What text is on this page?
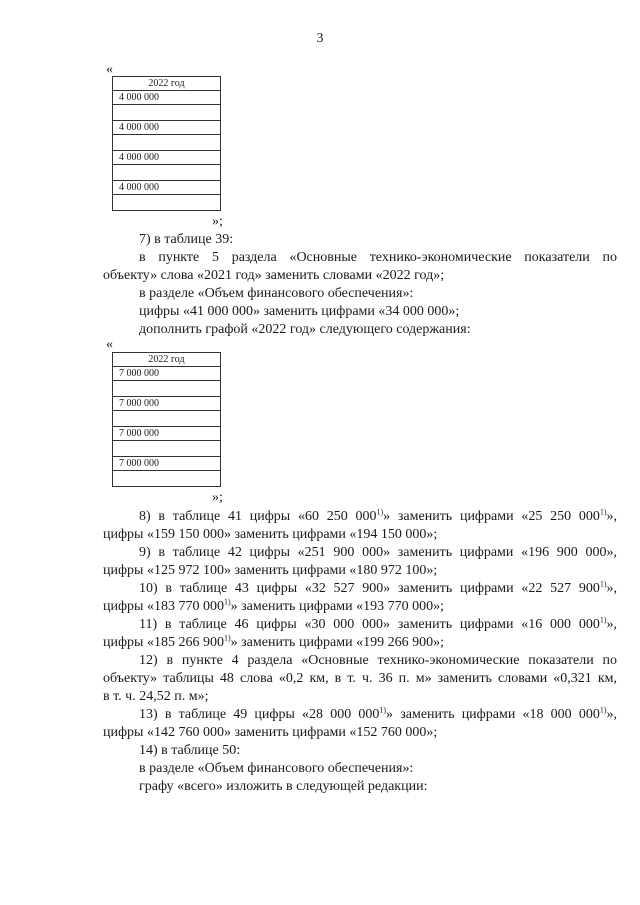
3
«
2022 год
4 000 000

4 000 000

4 000 000

4 000 000

»;
7) в таблице 39:
в пункте 5 раздела «Основные технико-экономические показатели по
объекту» слова «2021 год» заменить словами «2022 год»;
в разделе «Объем финансового обеспечения»:
цифры «41 000 000» заменить цифрами «34 000 000»;
дополнить графой «2022 год» следующего содержания:
«
2022 год
7 000 000

7 000 000

7 000 000

7 000 000

»;
8) в таблице 41 цифры «60 250 000$^{1)}$» заменить цифрами «25 250 000$^{1)}$»,
цифры «159 150 000» заменить цифрами «194 150 000»;
9) в таблице 42 цифры «251 900 000» заменить цифрами «196 900 000»,
цифры «125 972 100» заменить цифрами «180 972 100»;
10) в таблице 43 цифры «32 527 900» заменить цифрами «22 527 900$^{1)}$»,
цифры «183 770 000$^{1)}$» заменить цифрами «193 770 000»;
11) в таблице 46 цифры «30 000 000» заменить цифрами «16 000 000$^{1)}$»,
цифры «185 266 900$^{1)}$» заменить цифрами «199 266 900»;
12) в пункте 4 раздела «Основные технико-экономические показатели по
объекту» таблицы 48 слова «0,2 км, в т. ч. 36 п. м» заменить словами «0,321 км,
в т. ч. 24,52 п. м»;
13) в таблице 49 цифры «28 000 000$^{1)}$» заменить цифрами «18 000 000$^{1)}$»,
цифры «142 760 000» заменить цифрами «152 760 000»;
14) в таблице 50:
в разделе «Объем финансового обеспечения»:
графу «всего» изложить в следующей редакции:
